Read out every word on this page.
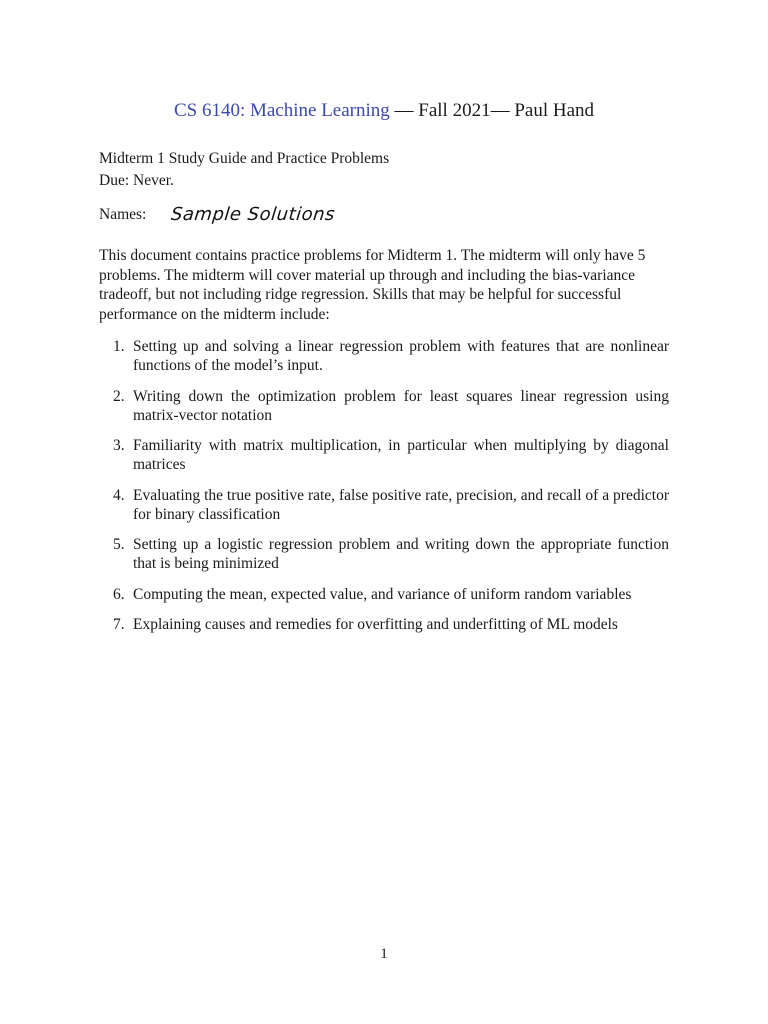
CS 6140: Machine Learning — Fall 2021— Paul Hand
Midterm 1 Study Guide and Practice Problems
Due: Never.
Names:	Sample Solutions

This document contains practice problems for Midterm 1. The midterm will only have 5 problems. The midterm will cover material up through and including the bias-variance tradeoff, but not including ridge regression. Skills that may be helpful for successful performance on the midterm include:

1. Setting up and solving a linear regression problem with features that are nonlinear functions of the model’s input.
2. Writing down the optimization problem for least squares linear regression using matrix-vector notation
3. Familiarity with matrix multiplication, in particular when multiplying by diagonal matrices
4. Evaluating the true positive rate, false positive rate, precision, and recall of a predictor for binary classification
5. Setting up a logistic regression problem and writing down the appropriate function that is being minimized
6. Computing the mean, expected value, and variance of uniform random variables
7. Explaining causes and remedies for overfitting and underfitting of ML models
1
